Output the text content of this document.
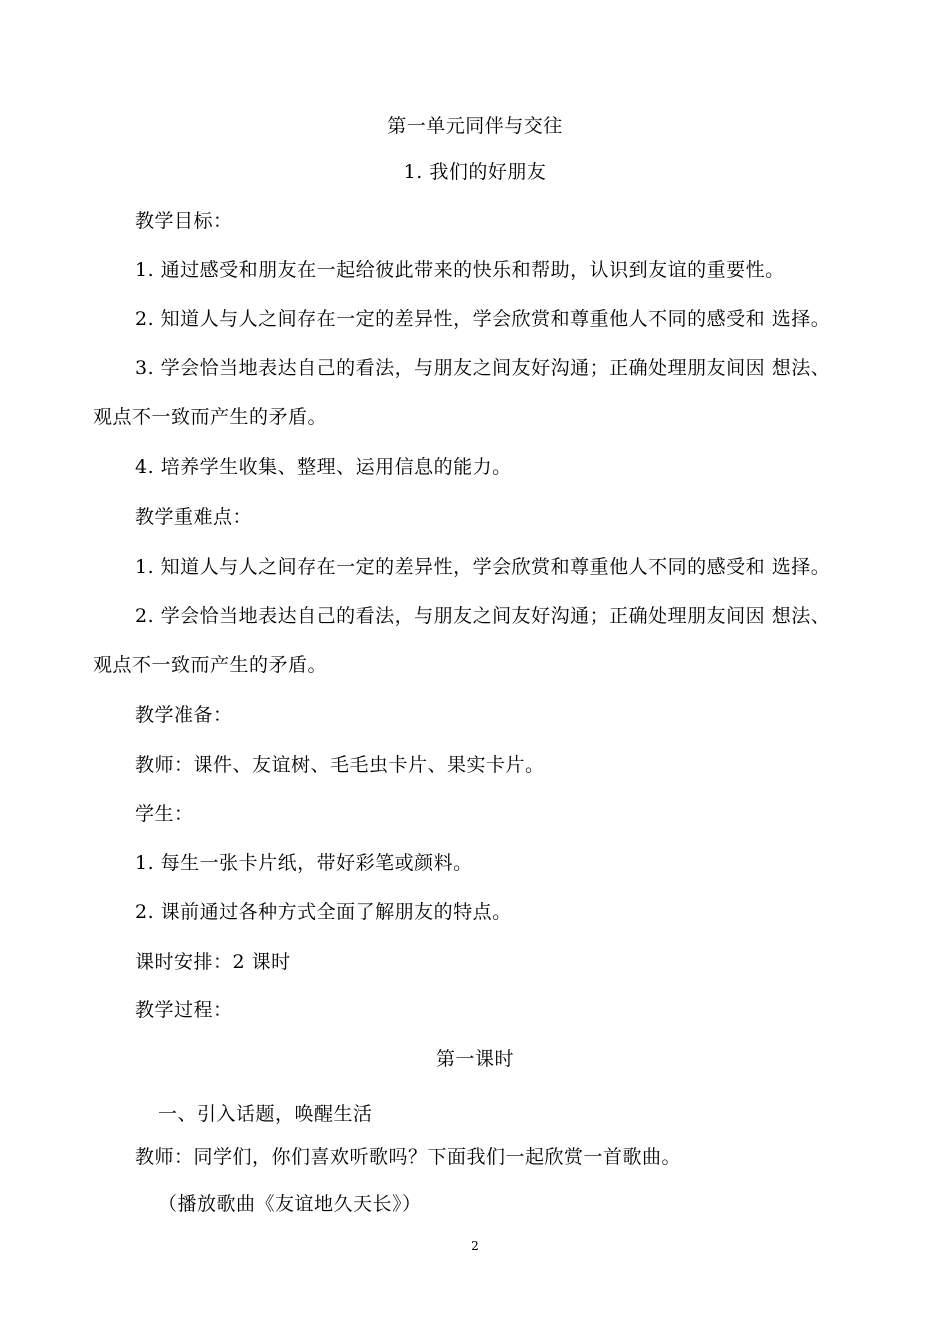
第一单元同伴与交往
1. 我们的好朋友
教学目标：
1. 通过感受和朋友在一起给彼此带来的快乐和帮助，认识到友谊的重要性。
2. 知道人与人之间存在一定的差异性，学会欣赏和尊重他人不同的感受和 选择。
3. 学会恰当地表达自己的看法，与朋友之间友好沟通；正确处理朋友间因 想法、
观点不一致而产生的矛盾。
4. 培养学生收集、整理、运用信息的能力。
教学重难点：
1. 知道人与人之间存在一定的差异性，学会欣赏和尊重他人不同的感受和 选择。
2. 学会恰当地表达自己的看法，与朋友之间友好沟通；正确处理朋友间因 想法、
观点不一致而产生的矛盾。
教学准备：
教师：课件、友谊树、毛毛虫卡片、果实卡片。
学生：
1. 每生一张卡片纸，带好彩笔或颜料。
2. 课前通过各种方式全面了解朋友的特点。
课时安排：2 课时
教学过程：
第一课时
一、引入话题，唤醒生活
教师：同学们，你们喜欢听歌吗？下面我们一起欣赏一首歌曲。
（播放歌曲《友谊地久天长》）
2
